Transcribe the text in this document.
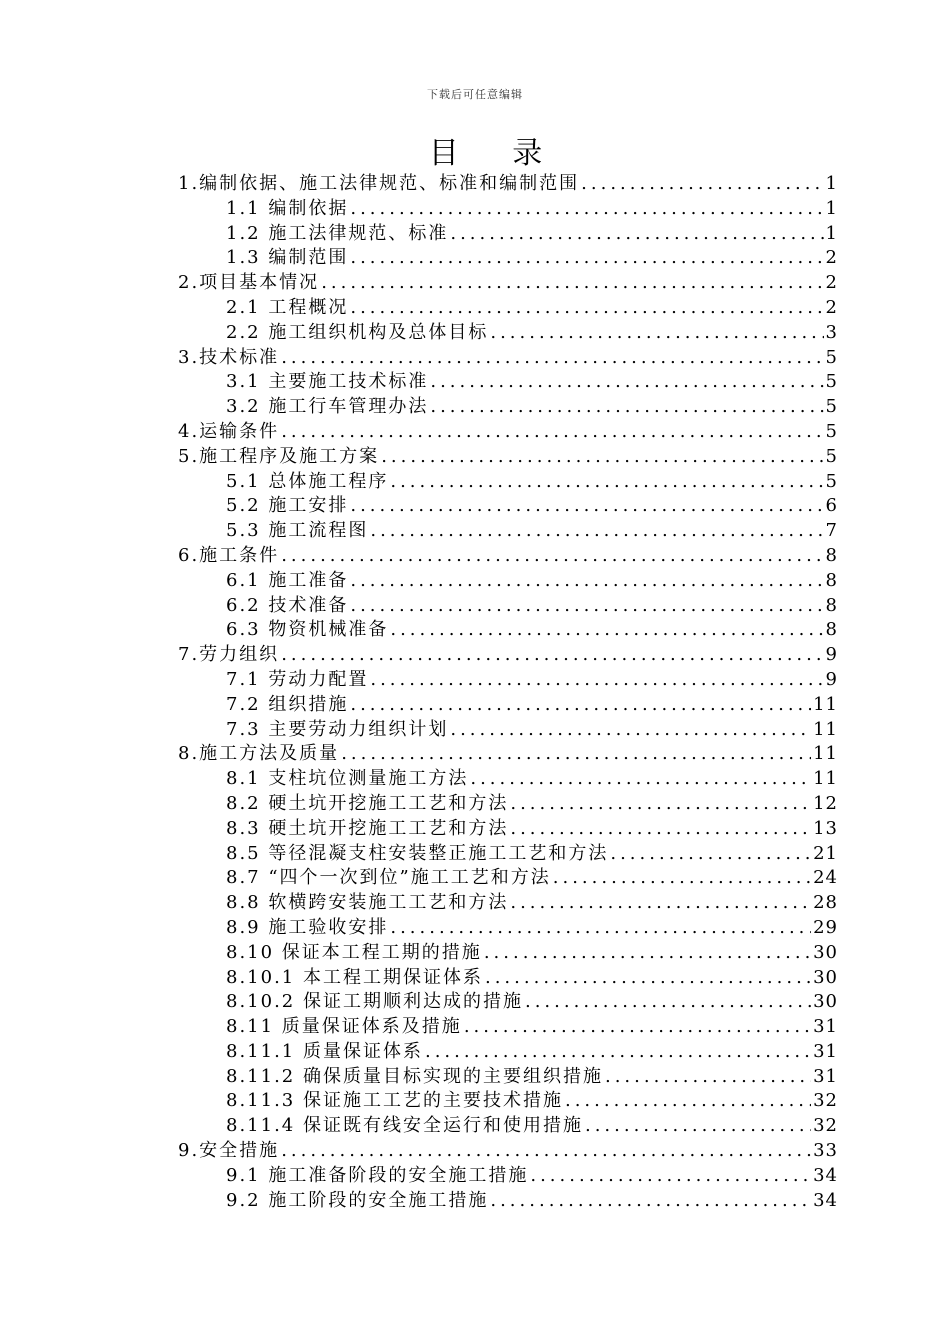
下载后可任意编辑
目 录
1.编制依据、施工法律规范、标准和编制范围 .....	1
1.1 编制依据 .....	1
1.2 施工法律规范、标准 .....	1
1.3 编制范围 .....	2
2.项目基本情况 .....	2
2.1 工程概况 .....	2
2.2 施工组织机构及总体目标 .....	3
3.技术标准 .....	5
3.1 主要施工技术标准 .....	5
3.2 施工行车管理办法 .....	5
4.运输条件 .....	5
5.施工程序及施工方案 .....	5
5.1 总体施工程序 .....	5
5.2 施工安排 .....	6
5.3 施工流程图 .....	7
6.施工条件 .....	8
6.1 施工准备 .....	8
6.2 技术准备 .....	8
6.3 物资机械准备 .....	8
7.劳力组织 .....	9
7.1 劳动力配置 .....	9
7.2 组织措施 .....	11
7.3 主要劳动力组织计划 .....	11
8.施工方法及质量 .....	11
8.1 支柱坑位测量施工方法 .....	11
8.2 硬土坑开挖施工工艺和方法 .....	12
8.3 硬土坑开挖施工工艺和方法 .....	13
8.5 等径混凝支柱安装整正施工工艺和方法 .....	21
8.7 “四个一次到位”施工工艺和方法 .....	24
8.8 软横跨安装施工工艺和方法 .....	28
8.9 施工验收安排 .....	29
8.10 保证本工程工期的措施 .....	30
8.10.1 本工程工期保证体系 .....	30
8.10.2 保证工期顺利达成的措施 .....	30
8.11 质量保证体系及措施 .....	31
8.11.1 质量保证体系 .....	31
8.11.2 确保质量目标实现的主要组织措施 .....	31
8.11.3 保证施工工艺的主要技术措施 .....	32
8.11.4 保证既有线安全运行和使用措施 .....	32
9.安全措施 .....	33
9.1 施工准备阶段的安全施工措施 .....	34
9.2 施工阶段的安全施工措施 .....	34
